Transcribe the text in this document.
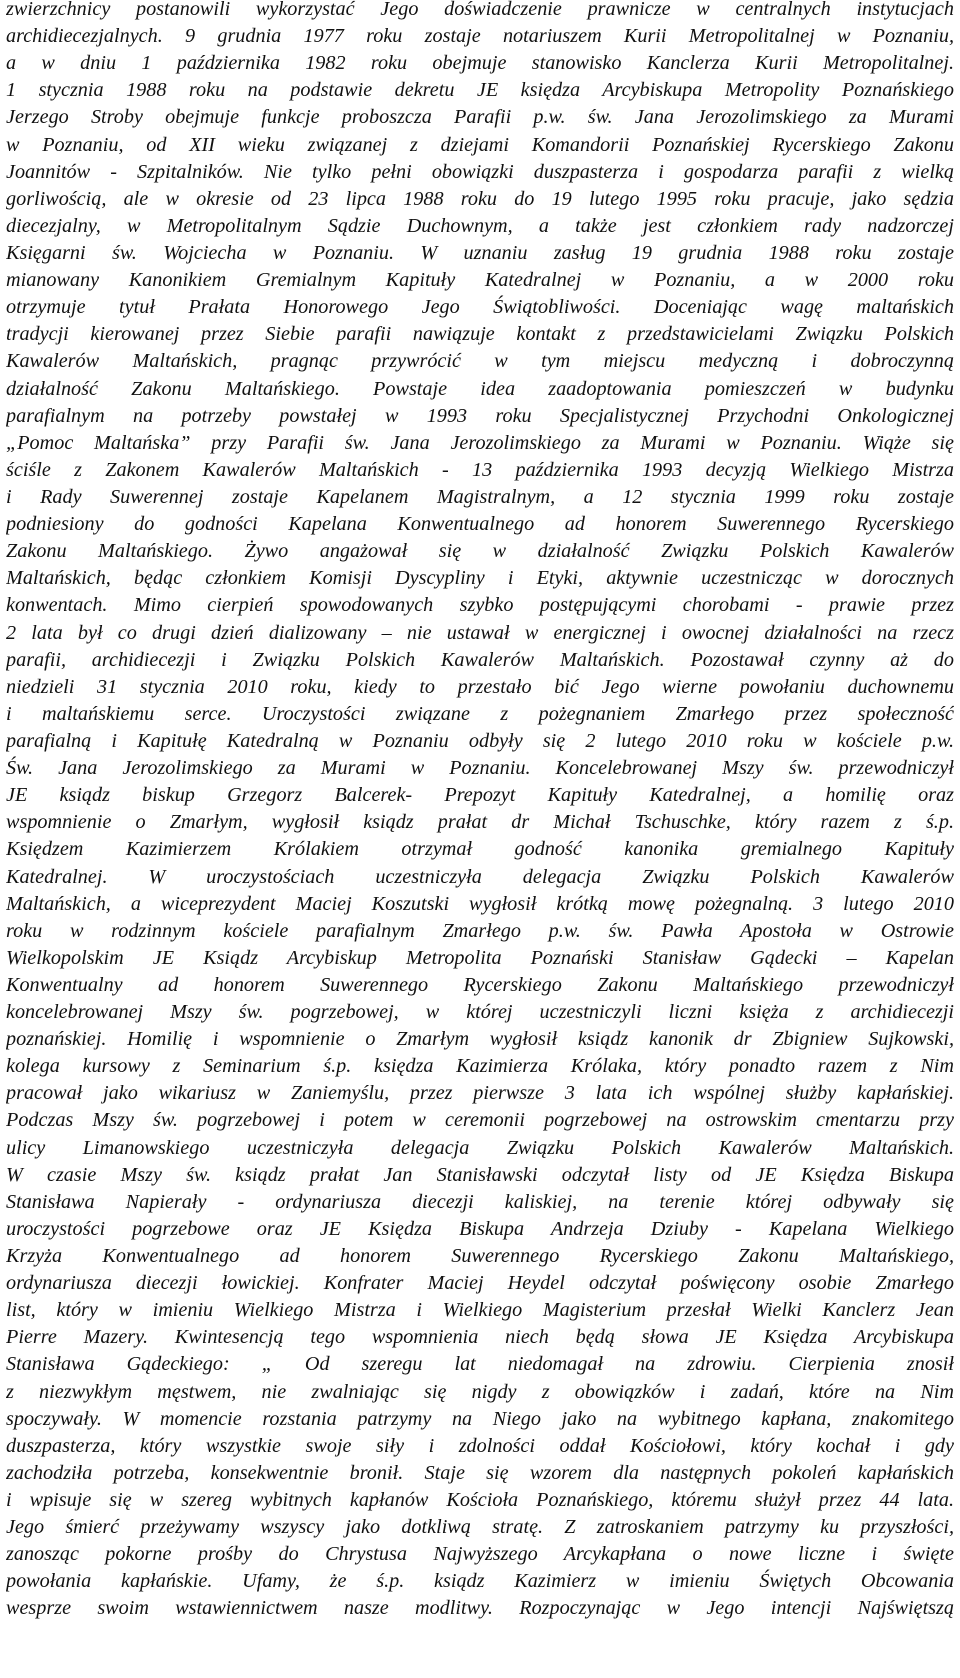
zwierzchnicy postanowili wykorzystać Jego doświadczenie prawnicze w centralnych instytucjach
archidiecezjalnych. 9 grudnia 1977 roku zostaje notariuszem Kurii Metropolitalnej w Poznaniu,
a w dniu 1 października 1982 roku obejmuje stanowisko Kanclerza Kurii Metropolitalnej.
1 stycznia 1988 roku na podstawie dekretu JE księdza Arcybiskupa Metropolity Poznańskiego
Jerzego Stroby obejmuje funkcje proboszcza Parafii p.w. św. Jana Jerozolimskiego za Murami
w Poznaniu, od XII wieku związanej z dziejami Komandorii Poznańskiej Rycerskiego Zakonu
Joannitów - Szpitalników. Nie tylko pełni obowiązki duszpasterza i gospodarza parafii z wielką
gorliwością, ale w okresie od 23 lipca 1988 roku do 19 lutego 1995 roku pracuje, jako sędzia
diecezjalny, w Metropolitalnym Sądzie Duchownym, a także jest członkiem rady nadzorczej
Księgarni św. Wojciecha w Poznaniu. W uznaniu zasług 19 grudnia 1988 roku zostaje
mianowany Kanonikiem Gremialnym Kapituły Katedralnej w Poznaniu, a w 2000 roku
otrzymuje tytuł Prałata Honorowego Jego Świątobliwości. Doceniając wagę maltańskich
tradycji kierowanej przez Siebie parafii nawiązuje kontakt z przedstawicielami Związku Polskich
Kawalerów Maltańskich, pragnąc przywrócić w tym miejscu medyczną i dobroczynną
działalność Zakonu Maltańskiego. Powstaje idea zaadoptowania pomieszczeń w budynku
parafialnym na potrzeby powstałej w 1993 roku Specjalistycznej Przychodni Onkologicznej
„Pomoc Maltańska” przy Parafii św. Jana Jerozolimskiego za Murami w Poznaniu. Wiąże się
ściśle z Zakonem Kawalerów Maltańskich - 13 października 1993 decyzją Wielkiego Mistrza
i Rady Suwerennej zostaje Kapelanem Magistralnym, a 12 stycznia 1999 roku zostaje
podniesiony do godności Kapelana Konwentualnego ad honorem Suwerennego Rycerskiego
Zakonu Maltańskiego. Żywo angażował się w działalność Związku Polskich Kawalerów
Maltańskich, będąc członkiem Komisji Dyscypliny i Etyki, aktywnie uczestnicząc w dorocznych
konwentach. Mimo cierpień spowodowanych szybko postępującymi chorobami - prawie przez
2 lata był co drugi dzień dializowany – nie ustawał w energicznej i owocnej działalności na rzecz
parafii, archidiecezji i Związku Polskich Kawalerów Maltańskich. Pozostawał czynny aż do
niedzieli 31 stycznia 2010 roku, kiedy to przestało bić Jego wierne powołaniu duchownemu
i maltańskiemu serce. Uroczystości związane z pożegnaniem Zmarłego przez społeczność
parafialną i Kapitułę Katedralną w Poznaniu odbyły się 2 lutego 2010 roku w kościele p.w.
Św. Jana Jerozolimskiego za Murami w Poznaniu. Koncelebrowanej Mszy św. przewodniczył
JE ksiądz biskup Grzegorz Balcerek- Prepozyt Kapituły Katedralnej, a homilię oraz
wspomnienie o Zmarłym, wygłosił ksiądz prałat dr Michał Tschuschke, który razem z ś.p.
Księdzem Kazimierzem Królakiem otrzymał godność kanonika gremialnego Kapituły
Katedralnej. W uroczystościach uczestniczyła delegacja Związku Polskich Kawalerów
Maltańskich, a wiceprezydent Maciej Koszutski wygłosił krótką mowę pożegnalną. 3 lutego 2010
roku w rodzinnym kościele parafialnym Zmarłego p.w. św. Pawła Apostoła w Ostrowie
Wielkopolskim JE Ksiądz Arcybiskup Metropolita Poznański Stanisław Gądecki – Kapelan
Konwentualny ad honorem Suwerennego Rycerskiego Zakonu Maltańskiego przewodniczył
koncelebrowanej Mszy św. pogrzebowej, w której uczestniczyli liczni księża z archidiecezji
poznańskiej. Homilię i wspomnienie o Zmarłym wygłosił ksiądz kanonik dr Zbigniew Sujkowski,
kolega kursowy z Seminarium ś.p. księdza Kazimierza Królaka, który ponadto razem z Nim
pracował jako wikariusz w Zaniemyślu, przez pierwsze 3 lata ich wspólnej służby kapłańskiej.
Podczas Mszy św. pogrzebowej i potem w ceremonii pogrzebowej na ostrowskim cmentarzu przy
ulicy Limanowskiego uczestniczyła delegacja Związku Polskich Kawalerów Maltańskich.
W czasie Mszy św. ksiądz prałat Jan Stanisławski odczytał listy od JE Księdza Biskupa
Stanisława Napierały - ordynariusza diecezji kaliskiej, na terenie której odbywały się
uroczystości pogrzebowe oraz JE Księdza Biskupa Andrzeja Dziuby - Kapelana Wielkiego
Krzyża Konwentualnego ad honorem Suwerennego Rycerskiego Zakonu Maltańskiego,
ordynariusza diecezji łowickiej. Konfrater Maciej Heydel odczytał poświęcony osobie Zmarłego
list, który w imieniu Wielkiego Mistrza i Wielkiego Magisterium przesłał Wielki Kanclerz Jean
Pierre Mazery. Kwintesencją tego wspomnienia niech będą słowa JE Księdza Arcybiskupa
Stanisława Gądeckiego: „ Od szeregu lat niedomagał na zdrowiu. Cierpienia znosił
z niezwykłym męstwem, nie zwalniając się nigdy z obowiązków i zadań, które na Nim
spoczywały. W momencie rozstania patrzymy na Niego jako na wybitnego kapłana, znakomitego
duszpasterza, który wszystkie swoje siły i zdolności oddał Kościołowi, który kochał i gdy
zachodziła potrzeba, konsekwentnie bronił. Staje się wzorem dla następnych pokoleń kapłańskich
i wpisuje się w szereg wybitnych kapłanów Kościoła Poznańskiego, któremu służył przez 44 lata.
Jego śmierć przeżywamy wszyscy jako dotkliwą stratę. Z zatroskaniem patrzymy ku przyszłości,
zanosząc pokorne prośby do Chrystusa Najwyższego Arcykapłana o nowe liczne i święte
powołania kapłańskie. Ufamy, że ś.p. ksiądz Kazimierz w imieniu Świętych Obcowania
wesprze swoim wstawiennictwem nasze modlitwy. Rozpoczynając w Jego intencji Najświętszą
